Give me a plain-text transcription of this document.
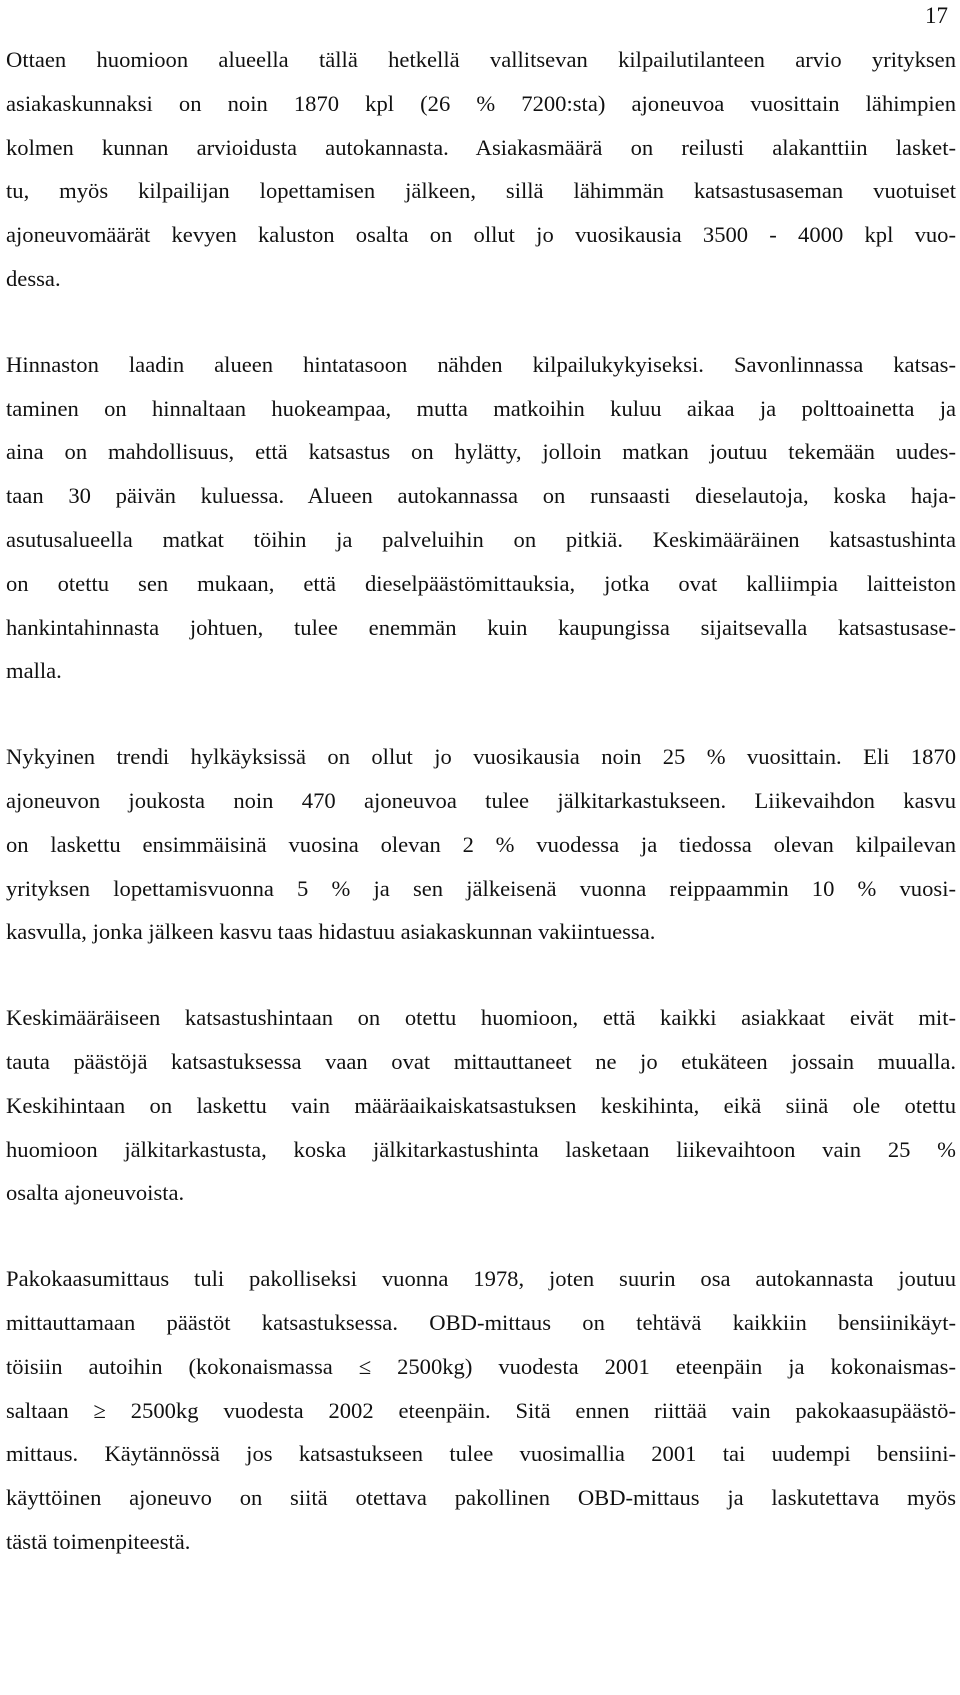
17

Ottaen huomioon alueella tällä hetkellä vallitsevan kilpailutilanteen arvio yrityksen
asiakaskunnaksi on noin 1870 kpl (26 % 7200:sta) ajoneuvoa vuosittain lähimpien
kolmen kunnan arvioidusta autokannasta. Asiakasmäärä on reilusti alakanttiin lasket-
tu, myös kilpailijan lopettamisen jälkeen, sillä lähimmän katsastusaseman vuotuiset
ajoneuvomäärät kevyen kaluston osalta on ollut jo vuosikausia 3500 - 4000 kpl vuo-
dessa.

Hinnaston laadin alueen hintatasoon nähden kilpailukykyiseksi. Savonlinnassa katsas-
taminen on hinnaltaan huokeampaa, mutta matkoihin kuluu aikaa ja polttoainetta ja
aina on mahdollisuus, että katsastus on hylätty, jolloin matkan joutuu tekemään uudes-
taan 30 päivän kuluessa. Alueen autokannassa on runsaasti dieselautoja, koska haja-
asutusalueella matkat töihin ja palveluihin on pitkiä. Keskimääräinen katsastushinta
on otettu sen mukaan, että dieselpäästömittauksia, jotka ovat kalliimpia laitteiston
hankintahinnasta johtuen, tulee enemmän kuin kaupungissa sijaitsevalla katsastusase-
malla.

Nykyinen trendi hylkäyksissä on ollut jo vuosikausia noin 25 % vuosittain. Eli 1870
ajoneuvon joukosta noin 470 ajoneuvoa tulee jälkitarkastukseen. Liikevaihdon kasvu
on laskettu ensimmäisinä vuosina olevan 2 % vuodessa ja tiedossa olevan kilpailevan
yrityksen lopettamisvuonna 5 % ja sen jälkeisenä vuonna reippaammin 10 % vuosi-
kasvulla, jonka jälkeen kasvu taas hidastuu asiakaskunnan vakiintuessa.

Keskimääräiseen katsastushintaan on otettu huomioon, että kaikki asiakkaat eivät mit-
tauta päästöjä katsastuksessa vaan ovat mittauttaneet ne jo etukäteen jossain muualla.
Keskihintaan on laskettu vain määräaikaiskatsastuksen keskihinta, eikä siinä ole otettu
huomioon jälkitarkastusta, koska jälkitarkastushinta lasketaan liikevaihtoon vain 25 %
osalta ajoneuvoista.

Pakokaasumittaus tuli pakolliseksi vuonna 1978, joten suurin osa autokannasta joutuu
mittauttamaan päästöt katsastuksessa. OBD-mittaus on tehtävä kaikkiin bensiinikäyt-
töisiin autoihin (kokonaismassa ≤ 2500kg) vuodesta 2001 eteenpäin ja kokonaismas-
saltaan ≥ 2500kg vuodesta 2002 eteenpäin. Sitä ennen riittää vain pakokaasupäästö-
mittaus. Käytännössä jos katsastukseen tulee vuosimallia 2001 tai uudempi bensiini-
käyttöinen ajoneuvo on siitä otettava pakollinen OBD-mittaus ja laskutettava myös
tästä toimenpiteestä.
